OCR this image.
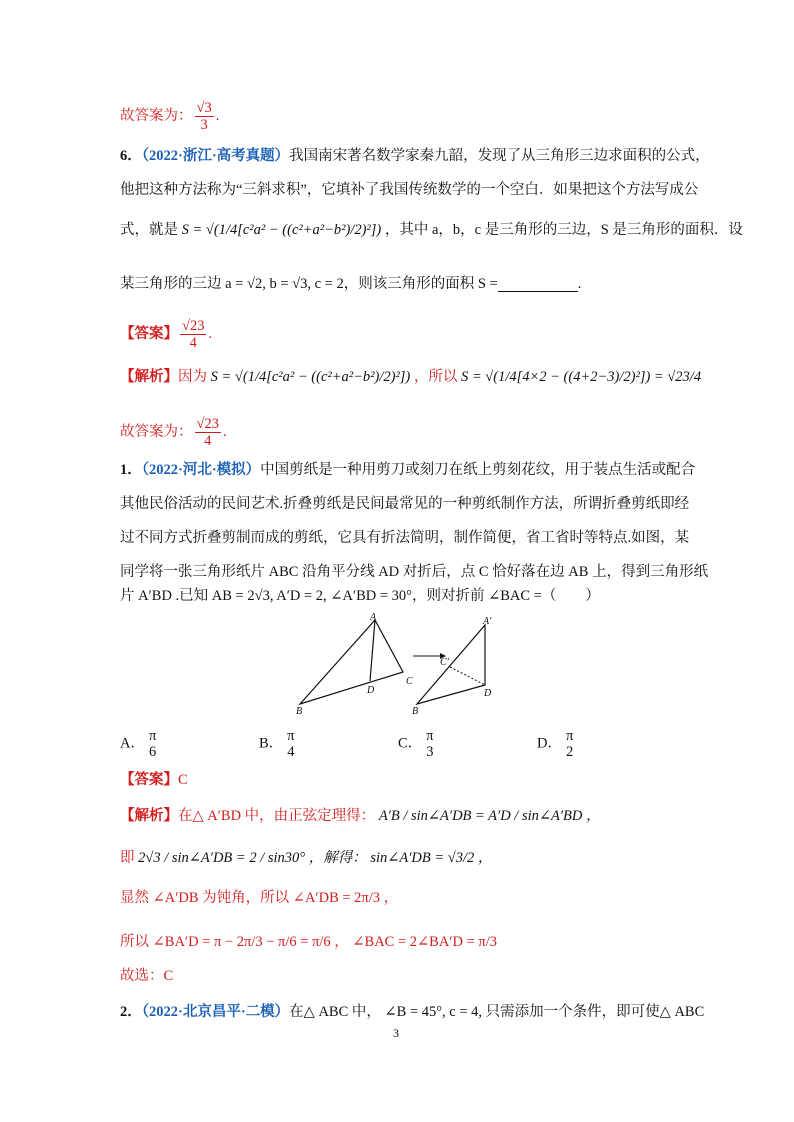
故答案为： $\frac{√3}{3}$ .
6．（2022·浙江·高考真题）我国南宋著名数学家秦九韶，发现了从三角形三边求面积的公式，
他把这种方法称为“三斜求积”，它填补了我国传统数学的一个空白．如果把这个方法写成公
式，就是 S = √(1/4[c²a² − ((c²+a²−b²)/2)²]) ，其中 a，b，c 是三角形的三边，S 是三角形的面积．设
某三角形的三边 a = √2, b = √3, c = 2，则该三角形的面积 S =	.
【答案】 $\frac{√23}{4}$ .
【解析】因为 S = √(1/4[c²a² − ((c²+a²−b²)/2)²]) ，所以 S = √(1/4[4×2 − ((4+2−3)/2)²]) = √23/4
故答案为： $\frac{√23}{4}$ .
1．（2022·河北·模拟）中国剪纸是一种用剪刀或刻刀在纸上剪刻花纹，用于装点生活或配合
其他民俗活动的民间艺术.折叠剪纸是民间最常见的一种剪纸制作方法，所谓折叠剪纸即经
过不同方式折叠剪制而成的剪纸，它具有折法简明，制作简便，省工省时等特点.如图，某
同学将一张三角形纸片 ABC 沿角平分线 AD 对折后，点 C 恰好落在边 AB 上，得到三角形纸
片 A′BD .已知 AB = 2√3, A′D = 2, ∠A′BD = 30°，则对折前 ∠BAC =（　　）
A
B
D
C
A′
C′
B
D
A． π
6
B． π
4
C． π
3
D． π
2
【答案】C
【解析】在△ A′BD 中，由正弦定理得： A′B / sin∠A′DB = A′D / sin∠A′BD ，
即 2√3 / sin∠A′DB = 2 / sin30° ，解得： sin∠A′DB = √3/2 ，
显然 ∠A′DB 为钝角，所以 ∠A′DB = 2π/3 ，
所以 ∠BA′D = π − 2π/3 − π/6 = π/6 ， ∠BAC = 2∠BA′D = π/3
故选：C
2．（2022·北京昌平·二模）在△ ABC 中， ∠B = 45°, c = 4, 只需添加一个条件，即可使△ ABC
3
